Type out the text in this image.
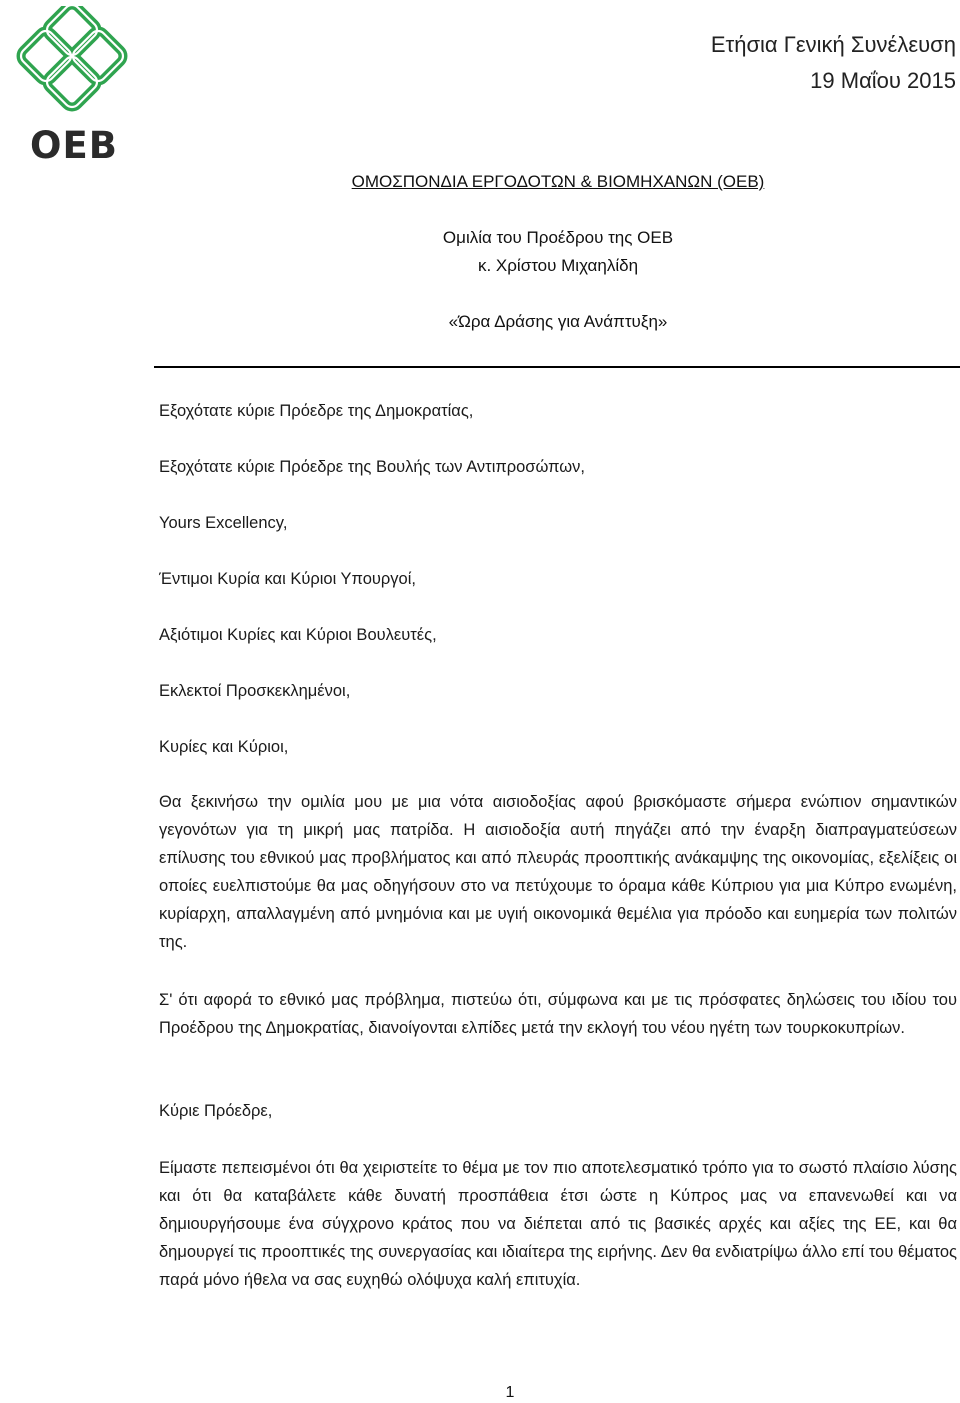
ΟΕΒ
Ετήσια Γενική Συνέλευση
19 Μαΐου 2015
ΟΜΟΣΠΟΝΔΙΑ ΕΡΓΟΔΟΤΩΝ & ΒΙΟΜΗΧΑΝΩΝ (ΟΕΒ)
Ομιλία του Προέδρου της ΟΕΒ
κ. Χρίστου Μιχαηλίδη
«Ώρα Δράσης για Ανάπτυξη»
Εξοχότατε κύριε Πρόεδρε της Δημοκρατίας,
Εξοχότατε κύριε Πρόεδρε της Βουλής των Αντιπροσώπων,
Yours Excellency,
Έντιμοι Κυρία και Κύριοι Υπουργοί,
Αξιότιμοι Κυρίες και Κύριοι Βουλευτές,
Εκλεκτοί Προσκεκλημένοι,
Κυρίες και Κύριοι,
Θα ξεκινήσω την ομιλία μου με μια νότα αισιοδοξίας αφού βρισκόμαστε σήμερα ενώπιον σημαντικών γεγονότων για τη μικρή μας πατρίδα. Η αισιοδοξία αυτή πηγάζει από την έναρξη διαπραγματεύσεων επίλυσης του εθνικού μας προβλήματος και από πλευράς προοπτικής ανάκαμψης της οικονομίας, εξελίξεις οι οποίες ευελπιστούμε θα μας οδηγήσουν στο να πετύχουμε το όραμα κάθε Κύπριου για μια Κύπρο ενωμένη, κυρίαρχη, απαλλαγμένη από μνημόνια και με υγιή οικονομικά θεμέλια για πρόοδο και ευημερία των πολιτών της.
Σ' ότι αφορά το εθνικό μας πρόβλημα, πιστεύω ότι, σύμφωνα και με τις πρόσφατες δηλώσεις του ιδίου του Προέδρου της Δημοκρατίας, διανοίγονται ελπίδες μετά την εκλογή του νέου ηγέτη των τουρκοκυπρίων.
Κύριε Πρόεδρε,
Είμαστε πεπεισμένοι ότι θα χειριστείτε το θέμα με τον πιο αποτελεσματικό τρόπο για το σωστό πλαίσιο λύσης και ότι θα καταβάλετε κάθε δυνατή προσπάθεια έτσι ώστε η Κύπρος μας να επανενωθεί και να δημιουργήσουμε ένα σύγχρονο κράτος που να διέπεται από τις βασικές αρχές και αξίες της ΕΕ, και θα δημουργεί τις προοπτικές της συνεργασίας και ιδιαίτερα της ειρήνης. Δεν θα ενδιατρίψω άλλο επί του θέματος παρά μόνο ήθελα να σας ευχηθώ ολόψυχα καλή επιτυχία.
1
